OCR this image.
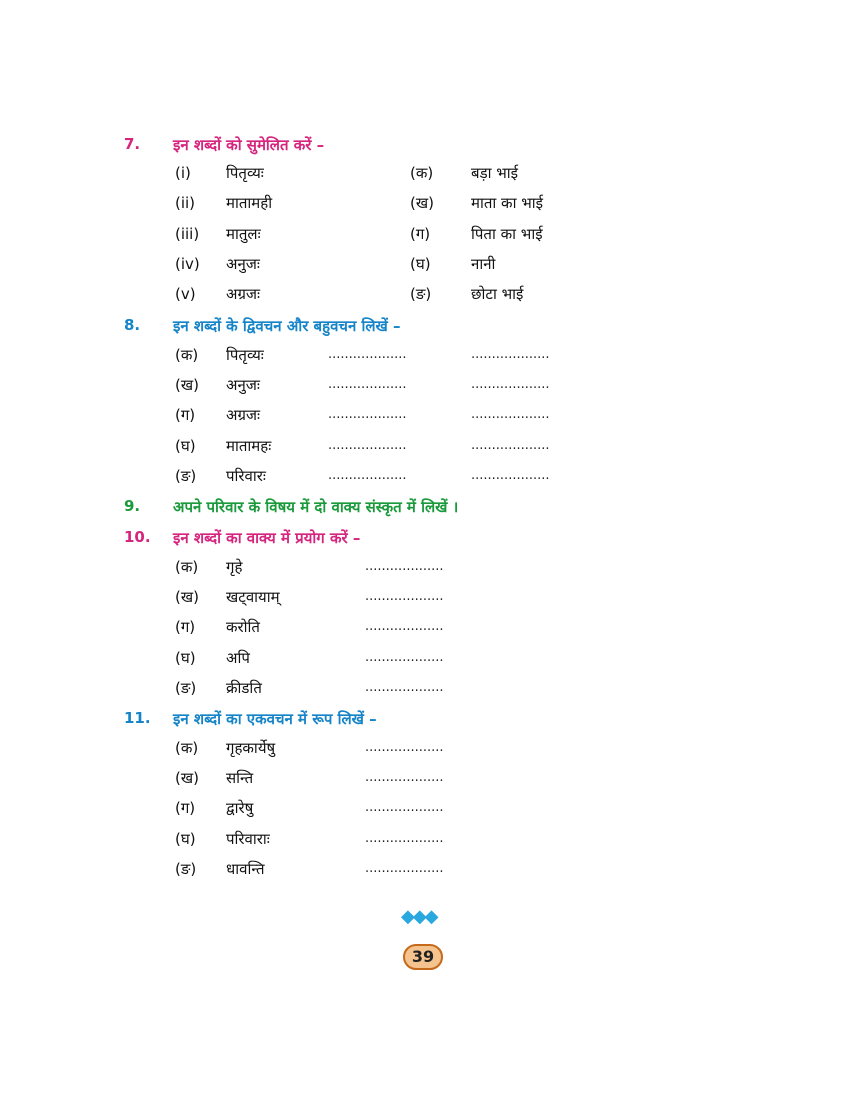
7. इन शब्दों को सुमेलित करें –
(i) पितृव्यः	(क)	बड़ा भाई
(ii) मातामही	(ख) माता का भाई
(iii) मातुलः	(ग)	पिता का भाई
(iv) अनुजः	(घ)	नानी
(v) अग्रजः	(ङ)	छोटा भाई
8. इन शब्दों के द्विवचन और बहुवचन लिखें –
(क) पितृव्यः	...................	...................
(ख) अनुजः	...................	...................
(ग) अग्रजः	...................	...................
(घ) मातामहः	...................	...................
(ङ) परिवारः	...................	...................
9. अपने परिवार के विषय में दो वाक्य संस्कृत में लिखें ।
10. इन शब्दों का वाक्य में प्रयोग करें –
(क) गृहे	...................
(ख) खट्वायाम्	...................
(ग) करोति	...................
(घ) अपि	...................
(ङ) क्रीडति	...................
11. इन शब्दों का एकवचन में रूप लिखें –
(क) गृहकार्येषु	...................
(ख) सन्ति	...................
(ग) द्वारेषु	...................
(घ) परिवाराः	...................
(ङ) धावन्ति	...................
◆◆◆
39
